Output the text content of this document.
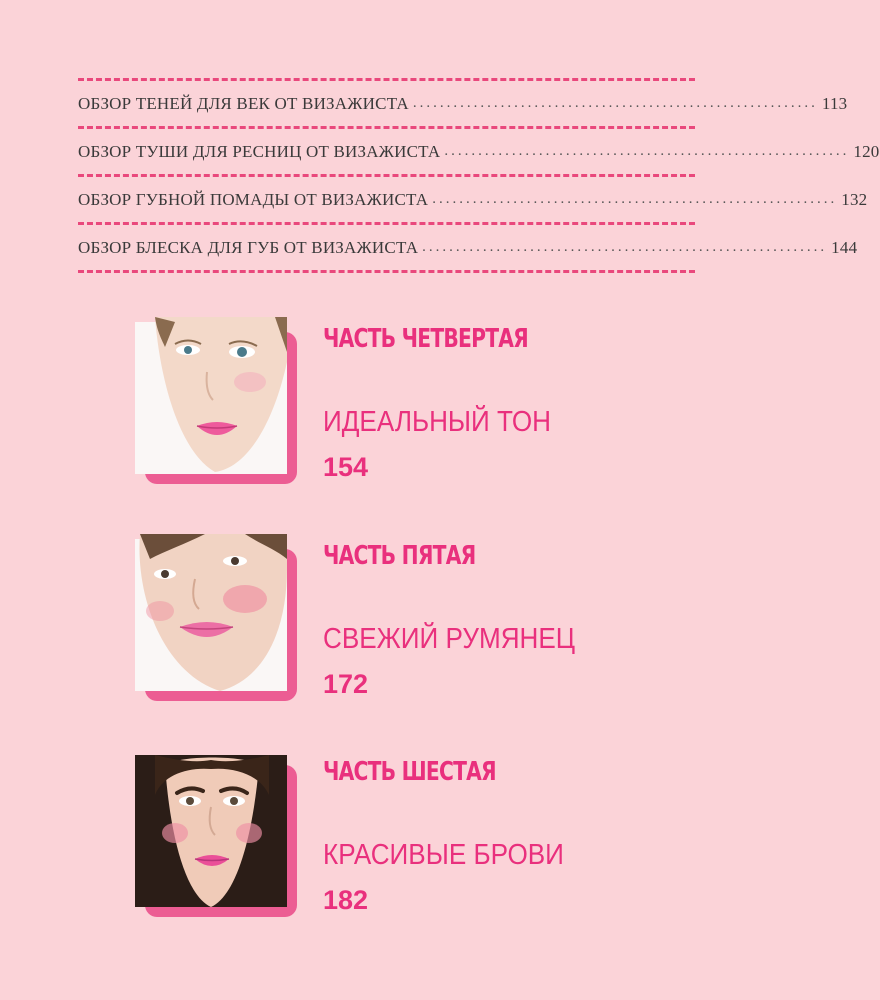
ОБЗОР ТЕНЕЙ ДЛЯ ВЕК ОТ ВИЗАЖИСТА ............................................................ 113
ОБЗОР ТУШИ ДЛЯ РЕСНИЦ ОТ ВИЗАЖИСТА ............................................................ 120
ОБЗОР ГУБНОЙ ПОМАДЫ ОТ ВИЗАЖИСТА ............................................................ 132
ОБЗОР БЛЕСКА ДЛЯ ГУБ ОТ ВИЗАЖИСТА ............................................................ 144
ЧАСТЬ ЧЕТВЕРТАЯ
ИДЕАЛЬНЫЙ ТОН
154
ЧАСТЬ ПЯТАЯ
СВЕЖИЙ РУМЯНЕЦ
172
ЧАСТЬ ШЕСТАЯ
КРАСИВЫЕ БРОВИ
182
